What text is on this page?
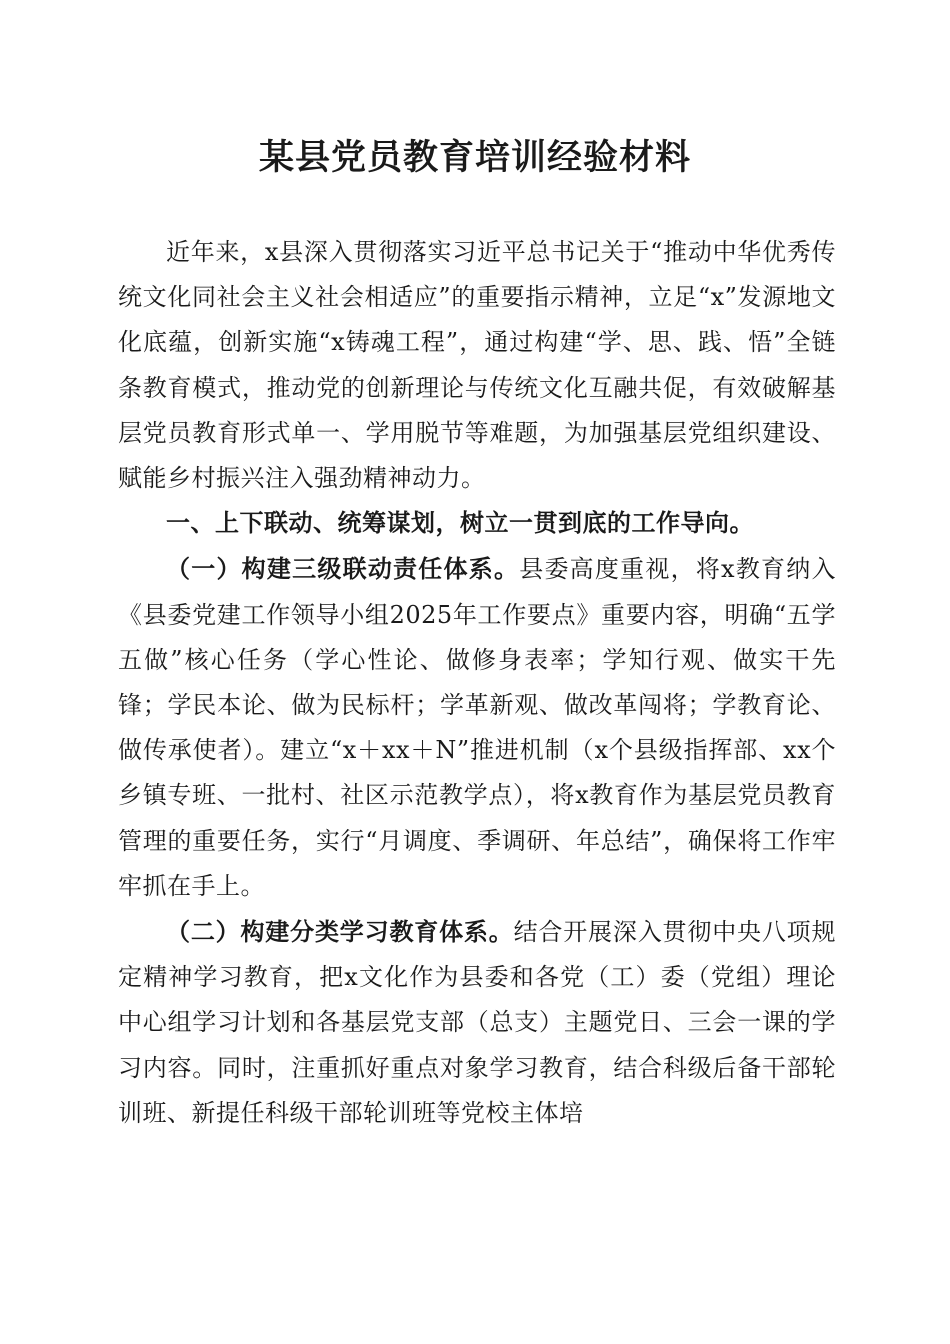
某县党员教育培训经验材料

近年来，x县深入贯彻落实习近平总书记关于“推动中华优秀传统文化同社会主义社会相适应”的重要指示精神，立足“x”发源地文化底蕴，创新实施“x铸魂工程”，通过构建“学、思、践、悟”全链条教育模式，推动党的创新理论与传统文化互融共促，有效破解基层党员教育形式单一、学用脱节等难题，为加强基层党组织建设、赋能乡村振兴注入强劲精神动力。

一、上下联动、统筹谋划，树立一贯到底的工作导向。

（一）构建三级联动责任体系。县委高度重视，将x教育纳入《县委党建工作领导小组2025年工作要点》重要内容，明确“五学五做”核心任务（学心性论、做修身表率；学知行观、做实干先锋；学民本论、做为民标杆；学革新观、做改革闯将；学教育论、做传承使者）。建立“x＋xx＋N”推进机制（x个县级指挥部、xx个乡镇专班、一批村、社区示范教学点），将x教育作为基层党员教育管理的重要任务，实行“月调度、季调研、年总结”，确保将工作牢牢抓在手上。

（二）构建分类学习教育体系。结合开展深入贯彻中央八项规定精神学习教育，把x文化作为县委和各党（工）委（党组）理论中心组学习计划和各基层党支部（总支）主题党日、三会一课的学习内容。同时，注重抓好重点对象学习教育，结合科级后备干部轮训班、新提任科级干部轮训班等党校主体培
